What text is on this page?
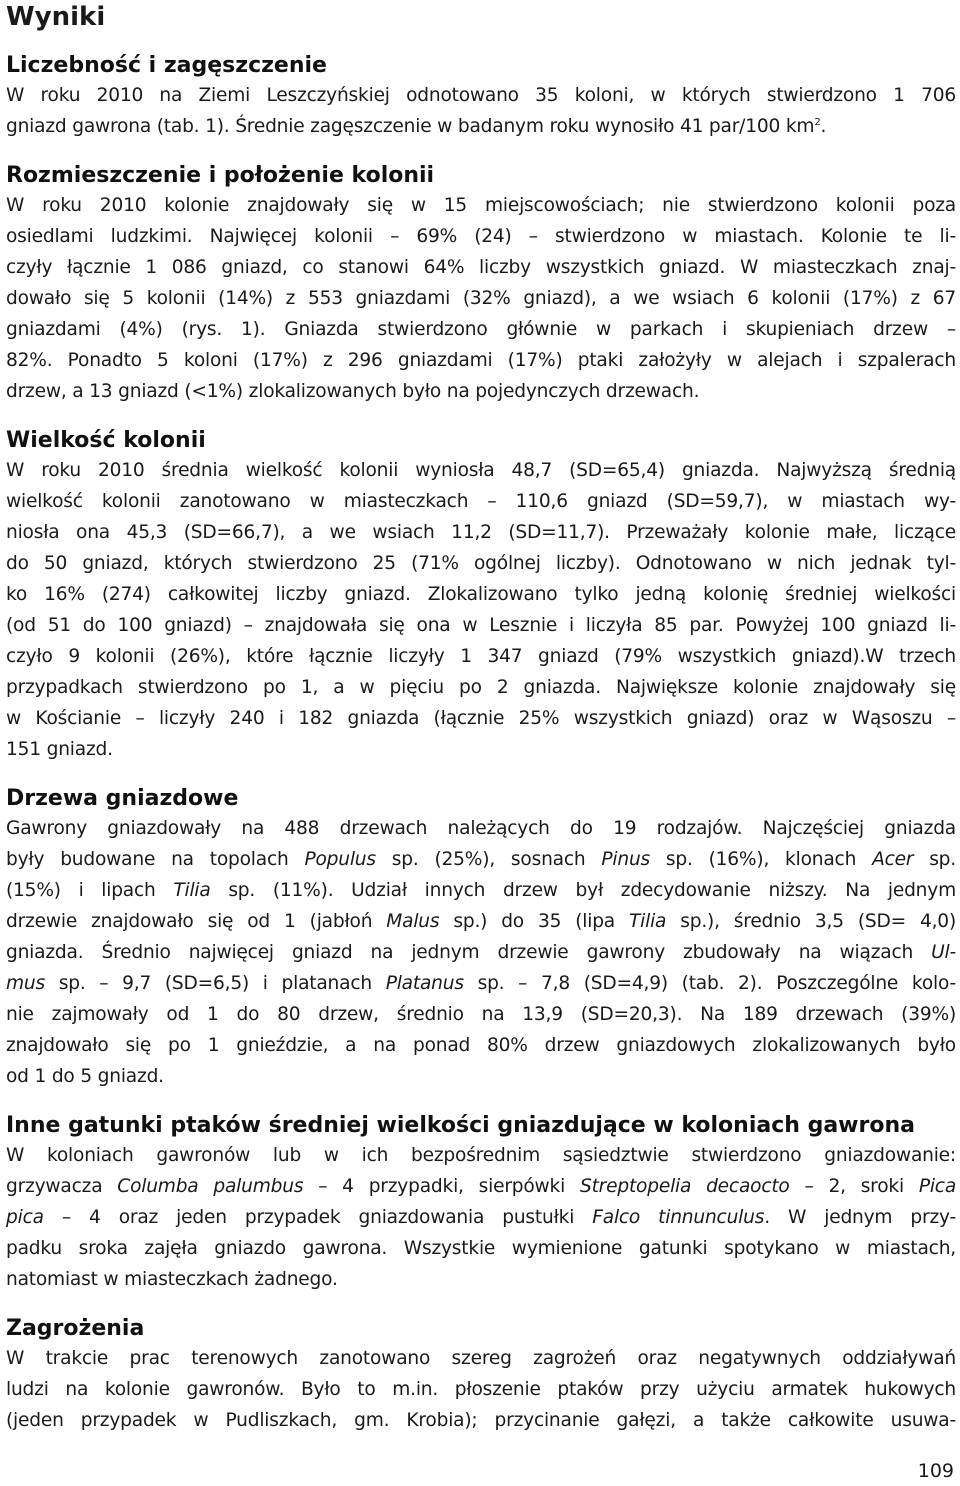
Wyniki
Liczebność i zagęszczenie
W roku 2010 na Ziemi Leszczyńskiej odnotowano 35 koloni, w których stwierdzono 1 706
gniazd gawrona (tab. 1). Średnie zagęszczenie w badanym roku wynosiło 41 par/100 $km^2$.
Rozmieszczenie i położenie kolonii
W roku 2010 kolonie znajdowały się w 15 miejscowościach; nie stwierdzono kolonii poza
osiedlami ludzkimi. Najwięcej kolonii – 69% (24) – stwierdzono w miastach. Kolonie te li-
czyły łącznie 1 086 gniazd, co stanowi 64% liczby wszystkich gniazd. W miasteczkach znaj-
dowało się 5 kolonii (14%) z 553 gniazdami (32% gniazd), a we wsiach 6 kolonii (17%) z 67
gniazdami (4%) (rys. 1). Gniazda stwierdzono głównie w parkach i skupieniach drzew –
82%. Ponadto 5 koloni (17%) z 296 gniazdami (17%) ptaki założyły w alejach i szpalerach
drzew, a 13 gniazd (<1%) zlokalizowanych było na pojedynczych drzewach.
Wielkość kolonii
W roku 2010 średnia wielkość kolonii wyniosła 48,7 (SD=65,4) gniazda. Najwyższą średnią
wielkość kolonii zanotowano w miasteczkach – 110,6 gniazd (SD=59,7), w miastach wy-
niosła ona 45,3 (SD=66,7), a we wsiach 11,2 (SD=11,7). Przeważały kolonie małe, liczące
do 50 gniazd, których stwierdzono 25 (71% ogólnej liczby). Odnotowano w nich jednak tyl-
ko 16% (274) całkowitej liczby gniazd. Zlokalizowano tylko jedną kolonię średniej wielkości
(od 51 do 100 gniazd) – znajdowała się ona w Lesznie i liczyła 85 par. Powyżej 100 gniazd li-
czyło 9 kolonii (26%), które łącznie liczyły 1 347 gniazd (79% wszystkich gniazd).W trzech
przypadkach stwierdzono po 1, a w pięciu po 2 gniazda. Największe kolonie znajdowały się
w Kościanie – liczyły 240 i 182 gniazda (łącznie 25% wszystkich gniazd) oraz w Wąsoszu –
151 gniazd.
Drzewa gniazdowe
Gawrony gniazdowały na 488 drzewach należących do 19 rodzajów. Najczęściej gniazda
były budowane na topolach Populus sp. (25%), sosnach Pinus sp. (16%), klonach Acer sp.
(15%) i lipach Tilia sp. (11%). Udział innych drzew był zdecydowanie niższy. Na jednym
drzewie znajdowało się od 1 (jabłoń Malus sp.) do 35 (lipa Tilia sp.), średnio 3,5 (SD= 4,0)
gniazda. Średnio najwięcej gniazd na jednym drzewie gawrony zbudowały na wiązach Ul-
mus sp. – 9,7 (SD=6,5) i platanach Platanus sp. – 7,8 (SD=4,9) (tab. 2). Poszczególne kolo-
nie zajmowały od 1 do 80 drzew, średnio na 13,9 (SD=20,3). Na 189 drzewach (39%)
znajdowało się po 1 gnieździe, a na ponad 80% drzew gniazdowych zlokalizowanych było
od 1 do 5 gniazd.
Inne gatunki ptaków średniej wielkości gniazdujące w koloniach gawrona
W koloniach gawronów lub w ich bezpośrednim sąsiedztwie stwierdzono gniazdowanie:
grzywacza Columba palumbus – 4 przypadki, sierpówki Streptopelia decaocto – 2, sroki Pica
pica – 4 oraz jeden przypadek gniazdowania pustułki Falco tinnunculus. W jednym przy-
padku sroka zajęła gniazdo gawrona. Wszystkie wymienione gatunki spotykano w miastach,
natomiast w miasteczkach żadnego.
Zagrożenia
W trakcie prac terenowych zanotowano szereg zagrożeń oraz negatywnych oddziaływań
ludzi na kolonie gawronów. Było to m.in. płoszenie ptaków przy użyciu armatek hukowych
(jeden przypadek w Pudliszkach, gm. Krobia); przycinanie gałęzi, a także całkowite usuwa-
109
